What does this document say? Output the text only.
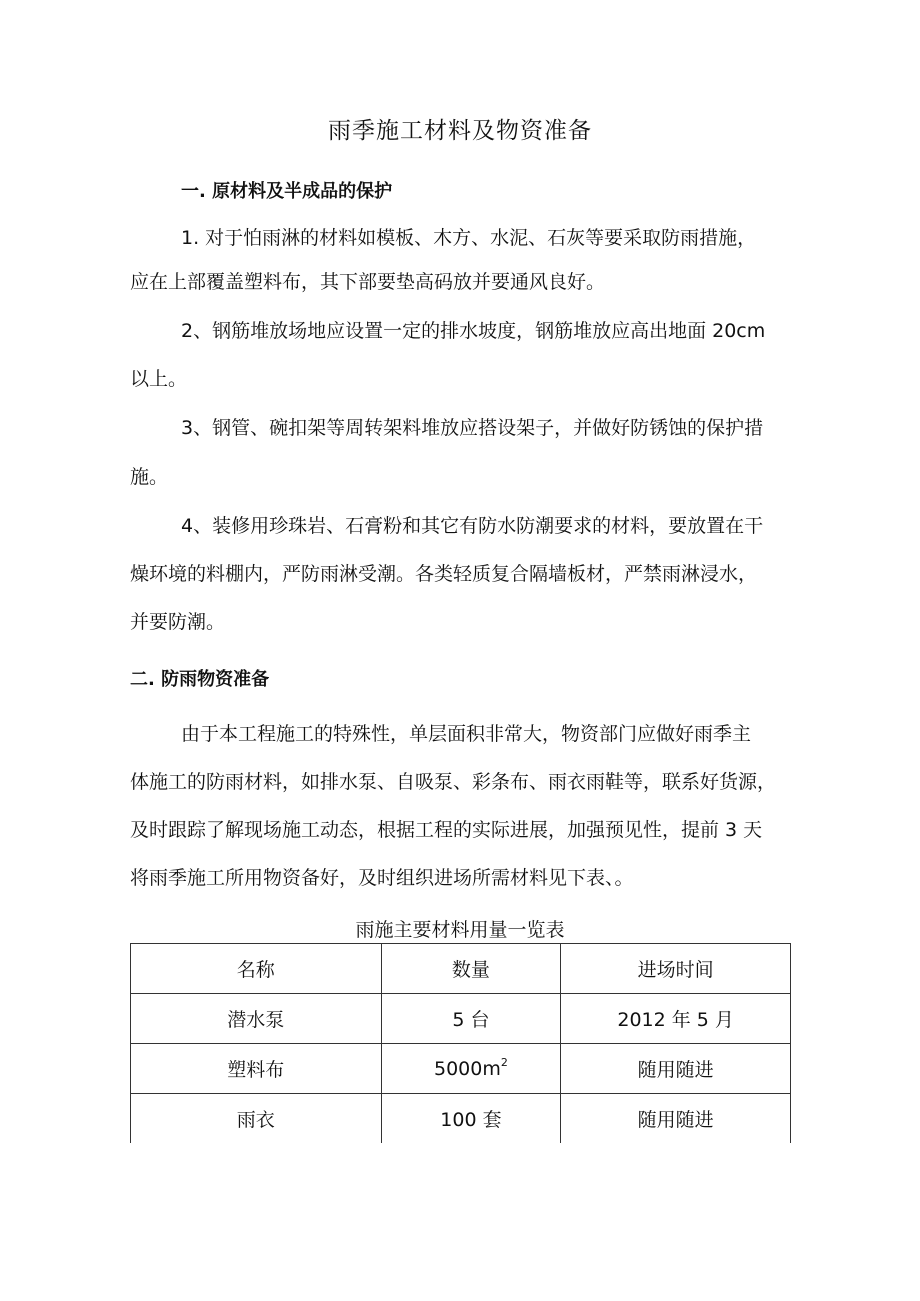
雨季施工材料及物资准备
一. 原材料及半成品的保护
1. 对于怕雨淋的材料如模板、木方、水泥、石灰等要采取防雨措施，
应在上部覆盖塑料布，其下部要垫高码放并要通风良好。
2、钢筋堆放场地应设置一定的排水坡度，钢筋堆放应高出地面 20cm
以上。
3、钢管、碗扣架等周转架料堆放应搭设架子，并做好防锈蚀的保护措
施。
4、装修用珍珠岩、石膏粉和其它有防水防潮要求的材料，要放置在干
燥环境的料棚内，严防雨淋受潮。各类轻质复合隔墙板材，严禁雨淋浸水，
并要防潮。
二. 防雨物资准备
由于本工程施工的特殊性，单层面积非常大，物资部门应做好雨季主
体施工的防雨材料，如排水泵、自吸泵、彩条布、雨衣雨鞋等，联系好货源，
及时跟踪了解现场施工动态，根据工程的实际进展，加强预见性，提前 3 天
将雨季施工所用物资备好，及时组织进场所需材料见下表、。
雨施主要材料用量一览表
名称	数量	进场时间
潜水泵	5 台	2012 年 5 月
塑料布	$5000m^2$	随用随进
雨衣	100 套	随用随进
